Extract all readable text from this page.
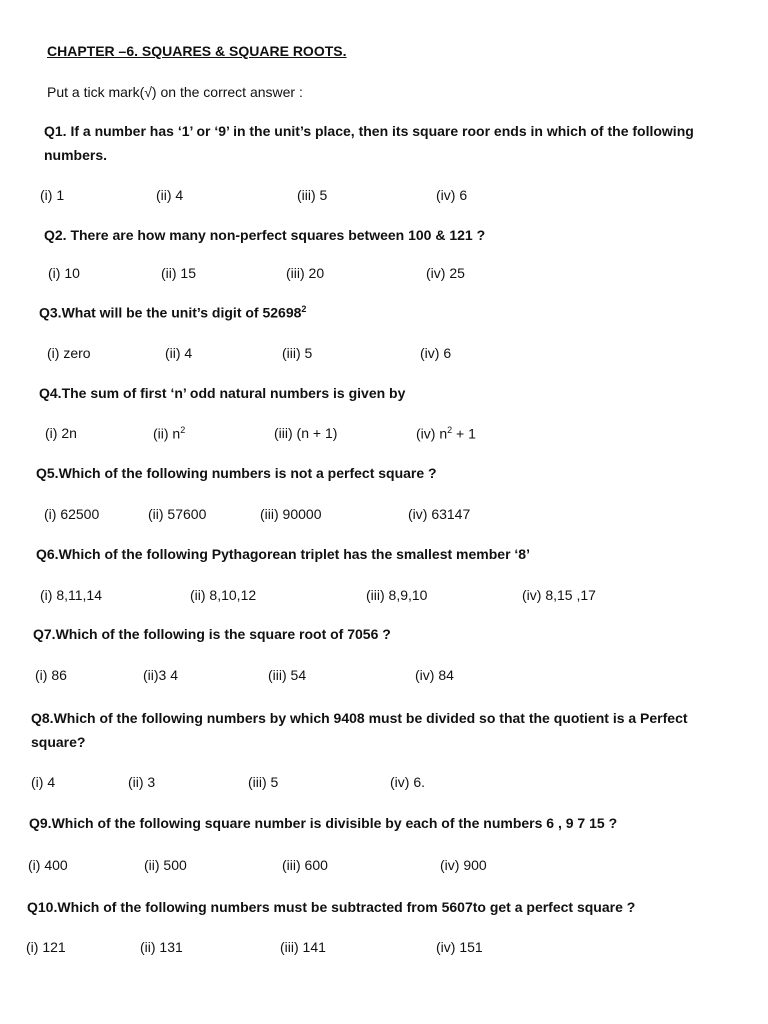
CHAPTER –6. SQUARES & SQUARE ROOTS.
Put a tick mark(√) on the correct answer :
Q1. If a number has ‘1’ or ‘9’ in the unit’s place, then its square roor ends in which of the following numbers.
(i) 1	(ii) 4	(iii) 5	(iv) 6
Q2. There are how many non-perfect squares between 100 & 121 ?
(i) 10	(ii) 15	(iii) 20	(iv) 25
Q3.What will be the unit’s digit of 52698$^2$
(i) zero	(ii) 4	(iii) 5	(iv) 6
Q4.The sum of first ‘n’ odd natural numbers is given by
(i) 2n	(ii) $n^2$	(iii) (n + 1)	(iv) $n^2 + 1$
Q5.Which of the following numbers is not a perfect square ?
(i) 62500	(ii) 57600	(iii) 90000	(iv) 63147
Q6.Which of the following Pythagorean triplet has the smallest member ‘8’
(i) 8,11,14	(ii) 8,10,12	(iii) 8,9,10	(iv) 8,15 ,17
Q7.Which of the following is the square root of 7056 ?
(i) 86	(ii)3 4	(iii) 54	(iv) 84
Q8.Which of the following numbers by which 9408 must be divided so that the quotient is a Perfect square?
(i) 4	(ii) 3	(iii) 5	(iv) 6.
Q9.Which of the following square number is divisible by each of the numbers 6 , 9 7 15 ?
(i) 400	(ii) 500	(iii) 600	(iv) 900
Q10.Which of the following numbers must be subtracted from 5607to get a perfect square ?
(i) 121	(ii) 131	(iii) 141	(iv) 151
